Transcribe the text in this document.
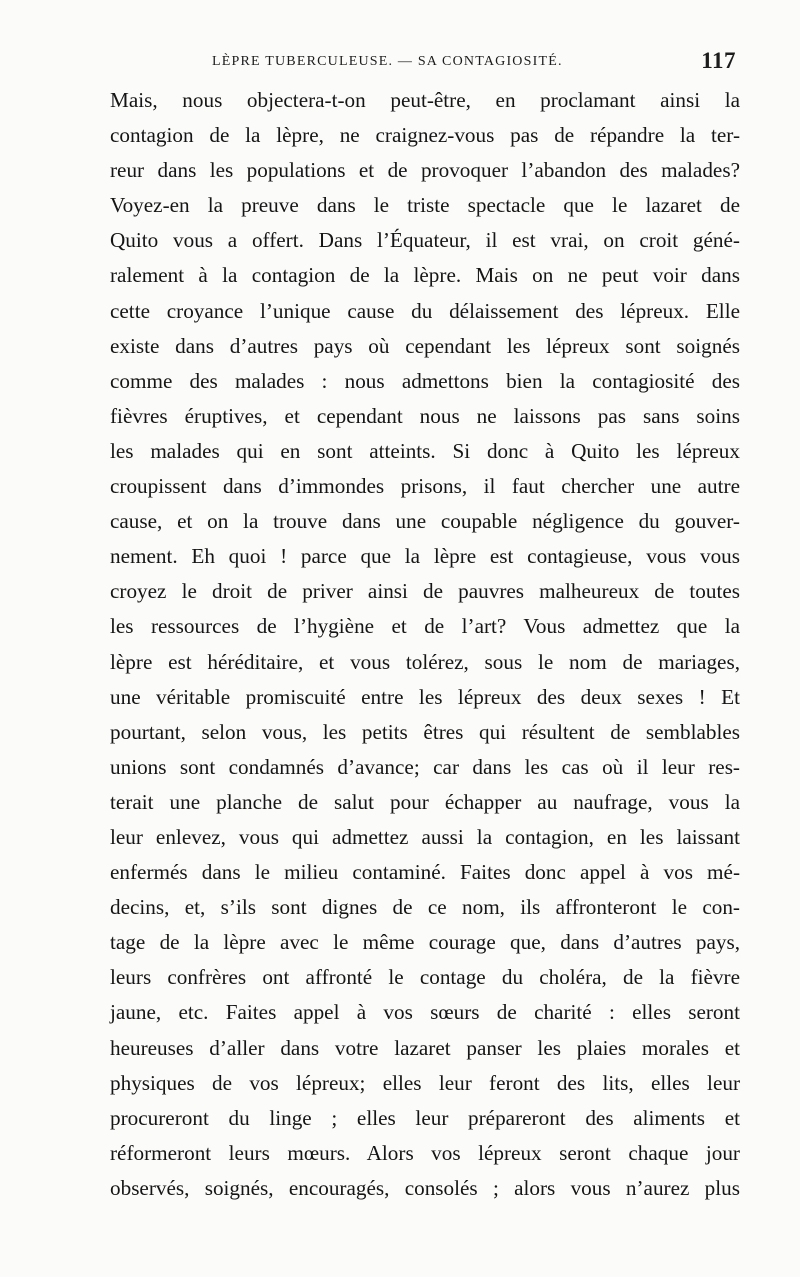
LÈPRE TUBERCULEUSE. — SA CONTAGIOSITÉ.	117
Mais, nous objectera-t-on peut-être, en proclamant ainsi la
contagion de la lèpre, ne craignez-vous pas de répandre la ter-
reur dans les populations et de provoquer l’abandon des malades?
Voyez-en la preuve dans le triste spectacle que le lazaret de
Quito vous a offert. Dans l’Équateur, il est vrai, on croit géné-
ralement à la contagion de la lèpre. Mais on ne peut voir dans
cette croyance l’unique cause du délaissement des lépreux. Elle
existe dans d’autres pays où cependant les lépreux sont soignés
comme des malades : nous admettons bien la contagiosité des
fièvres éruptives, et cependant nous ne laissons pas sans soins
les malades qui en sont atteints. Si donc à Quito les lépreux
croupissent dans d’immondes prisons, il faut chercher une autre
cause, et on la trouve dans une coupable négligence du gouver-
nement. Eh quoi ! parce que la lèpre est contagieuse, vous vous
croyez le droit de priver ainsi de pauvres malheureux de toutes
les ressources de l’hygiène et de l’art? Vous admettez que la
lèpre est héréditaire, et vous tolérez, sous le nom de mariages,
une véritable promiscuité entre les lépreux des deux sexes ! Et
pourtant, selon vous, les petits êtres qui résultent de semblables
unions sont condamnés d’avance; car dans les cas où il leur res-
terait une planche de salut pour échapper au naufrage, vous la
leur enlevez, vous qui admettez aussi la contagion, en les laissant
enfermés dans le milieu contaminé. Faites donc appel à vos mé-
decins, et, s’ils sont dignes de ce nom, ils affronteront le con-
tage de la lèpre avec le même courage que, dans d’autres pays,
leurs confrères ont affronté le contage du choléra, de la fièvre
jaune, etc. Faites appel à vos sœurs de charité : elles seront
heureuses d’aller dans votre lazaret panser les plaies morales et
physiques de vos lépreux; elles leur feront des lits, elles leur
procureront du linge ; elles leur prépareront des aliments et
réformeront leurs mœurs. Alors vos lépreux seront chaque jour
observés, soignés, encouragés, consolés ; alors vous n’aurez plus
